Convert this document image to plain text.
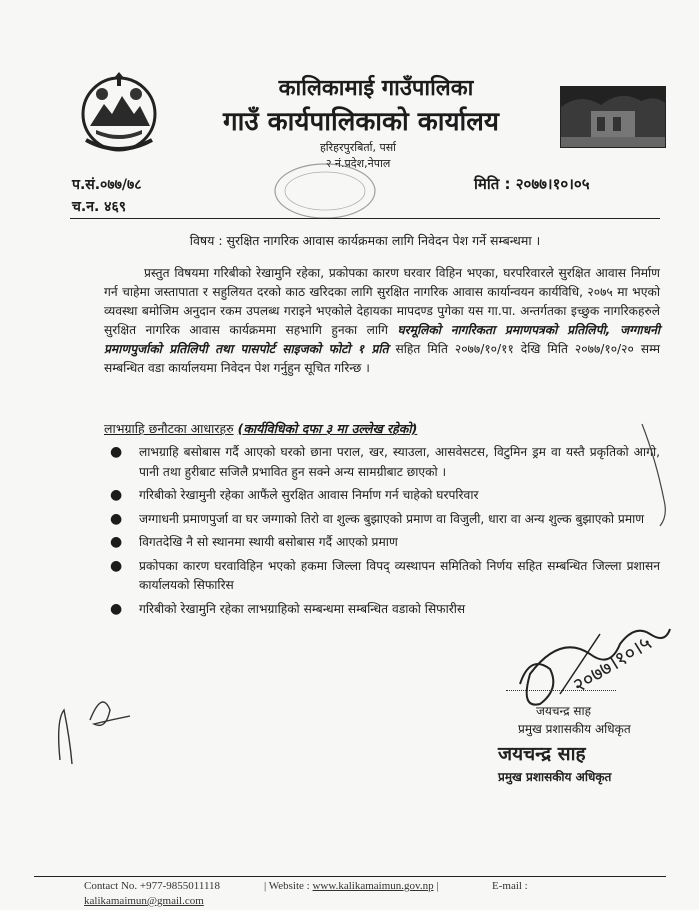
कालिकामाई गाउँपालिका
गाउँ कार्यपालिकाको कार्यालय
हरिहरपुरबिर्ता, पर्सा
२ नं.प्रदेश,नेपाल
प.सं.०७७/७८
च.न. ४६९
मिति : २०७७।१०।०५
विषय : सुरक्षित नागरिक आवास कार्यक्रमका लागि निवेदन पेश गर्ने सम्बन्धमा ।

प्रस्तुत विषयमा गरिबीको रेखामुनि रहेका, प्रकोपका कारण घरवार विहिन भएका, घरपरिवारले सुरक्षित आवास निर्माण गर्न चाहेमा जस्तापाता र सहुलियत दरको काठ खरिदका लागि सुरक्षित नागरिक आवास कार्यान्वयन कार्यविधि, २०७५ मा भएको व्यवस्था बमोजिम अनुदान रकम उपलब्ध गराइने भएकोले देहायका मापदण्ड पुगेका यस गा.पा. अन्तर्गतका इच्छुक नागरिकहरुले सुरक्षित नागरिक आवास कार्यक्रममा सहभागि हुनका लागि घरमूलिको नागरिकता प्रमाणपत्रको प्रतिलिपी, जग्गाधनी प्रमाणपुर्जाको प्रतिलिपी तथा पासपोर्ट साइजको फोटो १ प्रति सहित मिति २०७७/१०/११ देखि मिति २०७७/१०/२० सम्म सम्बन्धित वडा कार्यालयमा निवेदन पेश गर्नुहुन सूचित गरिन्छ ।

लाभग्राहि छनौटका आधारहरु (कार्यविधिको दफा ३ मा उल्लेख रहेको)
● लाभग्राहि बसोबास गर्दै आएको घरको छाना पराल, खर, स्याउला, आसवेसटस, विटुमिन ड्रम वा यस्तै प्रकृतिको आगो, पानी तथा हुरीबाट सजिलै प्रभावित हुन सक्ने अन्य सामग्रीबाट छाएको ।
● गरिबीको रेखामुनी रहेका आफैंले सुरक्षित आवास निर्माण गर्न चाहेको घरपरिवार
● जग्गाधनी प्रमाणपुर्जा वा घर जग्गाको तिरो वा शुल्क बुझाएको प्रमाण वा विजुली, धारा वा अन्य शुल्क बुझाएको प्रमाण
● विगतदेखि नै सो स्थानमा स्थायी बसोबास गर्दै आएको प्रमाण
● प्रकोपका कारण घरवाविहिन भएको हकमा जिल्ला विपद् व्यस्थापन समितिको निर्णय सहित सम्बन्धित जिल्ला प्रशासन कार्यालयको सिफारिस
● गरिबीको रेखामुनि रहेका लाभग्राहिको सम्बन्धमा सम्बन्धित वडाको सिफारीस
२०७७।१०।५
जयचन्द्र साह
प्रमुख प्रशासकीय अधिकृत
जयचन्द्र साह
प्रमुख प्रशासकीय अधिकृत
Contact No. +977-9855011118	| Website : www.kalikamaimun.gov.np |	E-mail :
kalikamaimun@gmail.com
